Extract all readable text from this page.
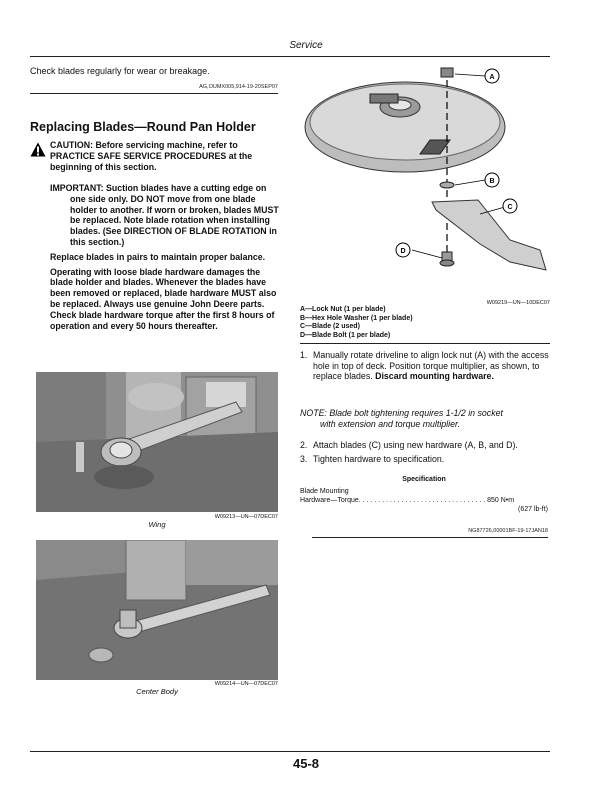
Service
Check blades regularly for wear or breakage.
AG,OUMX005,914-19-20SEP07
Replacing Blades—Round Pan Holder
CAUTION: Before servicing machine, refer to PRACTICE SAFE SERVICE PROCEDURES at the beginning of this section.

IMPORTANT: Suction blades have a cutting edge on one side only. DO NOT move from one blade holder to another. If worn or broken, blades MUST be replaced. Note blade rotation when installing blades. (See DIRECTION OF BLADE ROTATION in this section.)

Replace blades in pairs to maintain proper balance.

Operating with loose blade hardware damages the blade holder and blades. Whenever the blades have been removed or replaced, blade hardware MUST also be replaced. Always use genuine John Deere parts. Check blade hardware torque after the first 8 hours of operation and every 50 hours thereafter.

W09213—UN—07DEC07
Wing
W09214—UN—07DEC07
Center Body
A
B
C
D
W09219—UN—10DEC07
A—Lock Nut (1 per blade)
B—Hex Hole Washer (1 per blade)
C—Blade (2 used)
D—Blade Bolt (1 per blade)
1. Manually rotate driveline to align lock nut (A) with the access hole in top of deck. Position torque multiplier, as shown, to replace blades. Discard mounting hardware.
NOTE: Blade bolt tightening requires 1-1/2 in socket
with extension and torque multiplier.
2. Attach blades (C) using new hardware (A, B, and D).
3. Tighten hardware to specification.
Specification
Blade Mounting
Hardware—Torque. . . . . . . . . . . . . . . . . . . . . . . . . . . . . . . . . 850 N•m
(627 lb-ft)
NG87726,00001BF-19-17JAN18
45-8
